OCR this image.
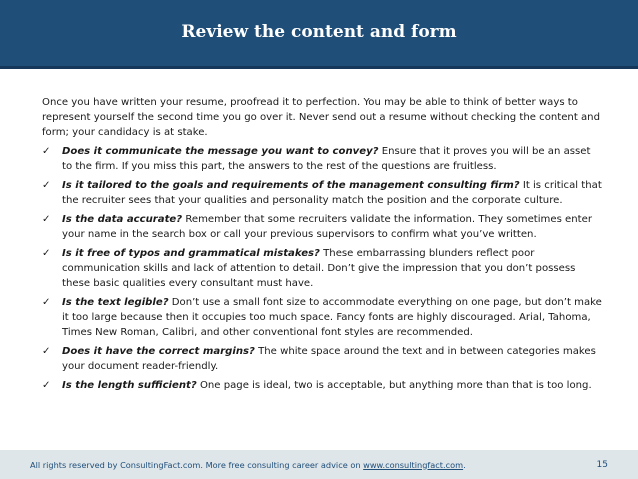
Review the content and form

Once you have written your resume, proofread it to perfection. You may be able to think of better ways to represent yourself the second time you go over it. Never send out a resume without checking the content and form; your candidacy is at stake.

✓	Does it communicate the message you want to convey? Ensure that it proves you will be an asset to the firm. If you miss this part, the answers to the rest of the questions are fruitless.
✓	Is it tailored to the goals and requirements of the management consulting firm? It is critical that the recruiter sees that your qualities and personality match the position and the corporate culture.
✓	Is the data accurate? Remember that some recruiters validate the information. They sometimes enter your name in the search box or call your previous supervisors to confirm what you’ve written.
✓	Is it free of typos and grammatical mistakes? These embarrassing blunders reflect poor communication skills and lack of attention to detail. Don’t give the impression that you don’t possess these basic qualities every consultant must have.
✓	Is the text legible? Don’t use a small font size to accommodate everything on one page, but don’t make it too large because then it occupies too much space. Fancy fonts are highly discouraged. Arial, Tahoma, Times New Roman, Calibri, and other conventional font styles are recommended.
✓	Does it have the correct margins? The white space around the text and in between categories makes your document reader-friendly.
✓	Is the length sufficient? One page is ideal, two is acceptable, but anything more than that is too long.
All rights reserved by ConsultingFact.com. More free consulting career advice on www.consultingfact.com.	15
